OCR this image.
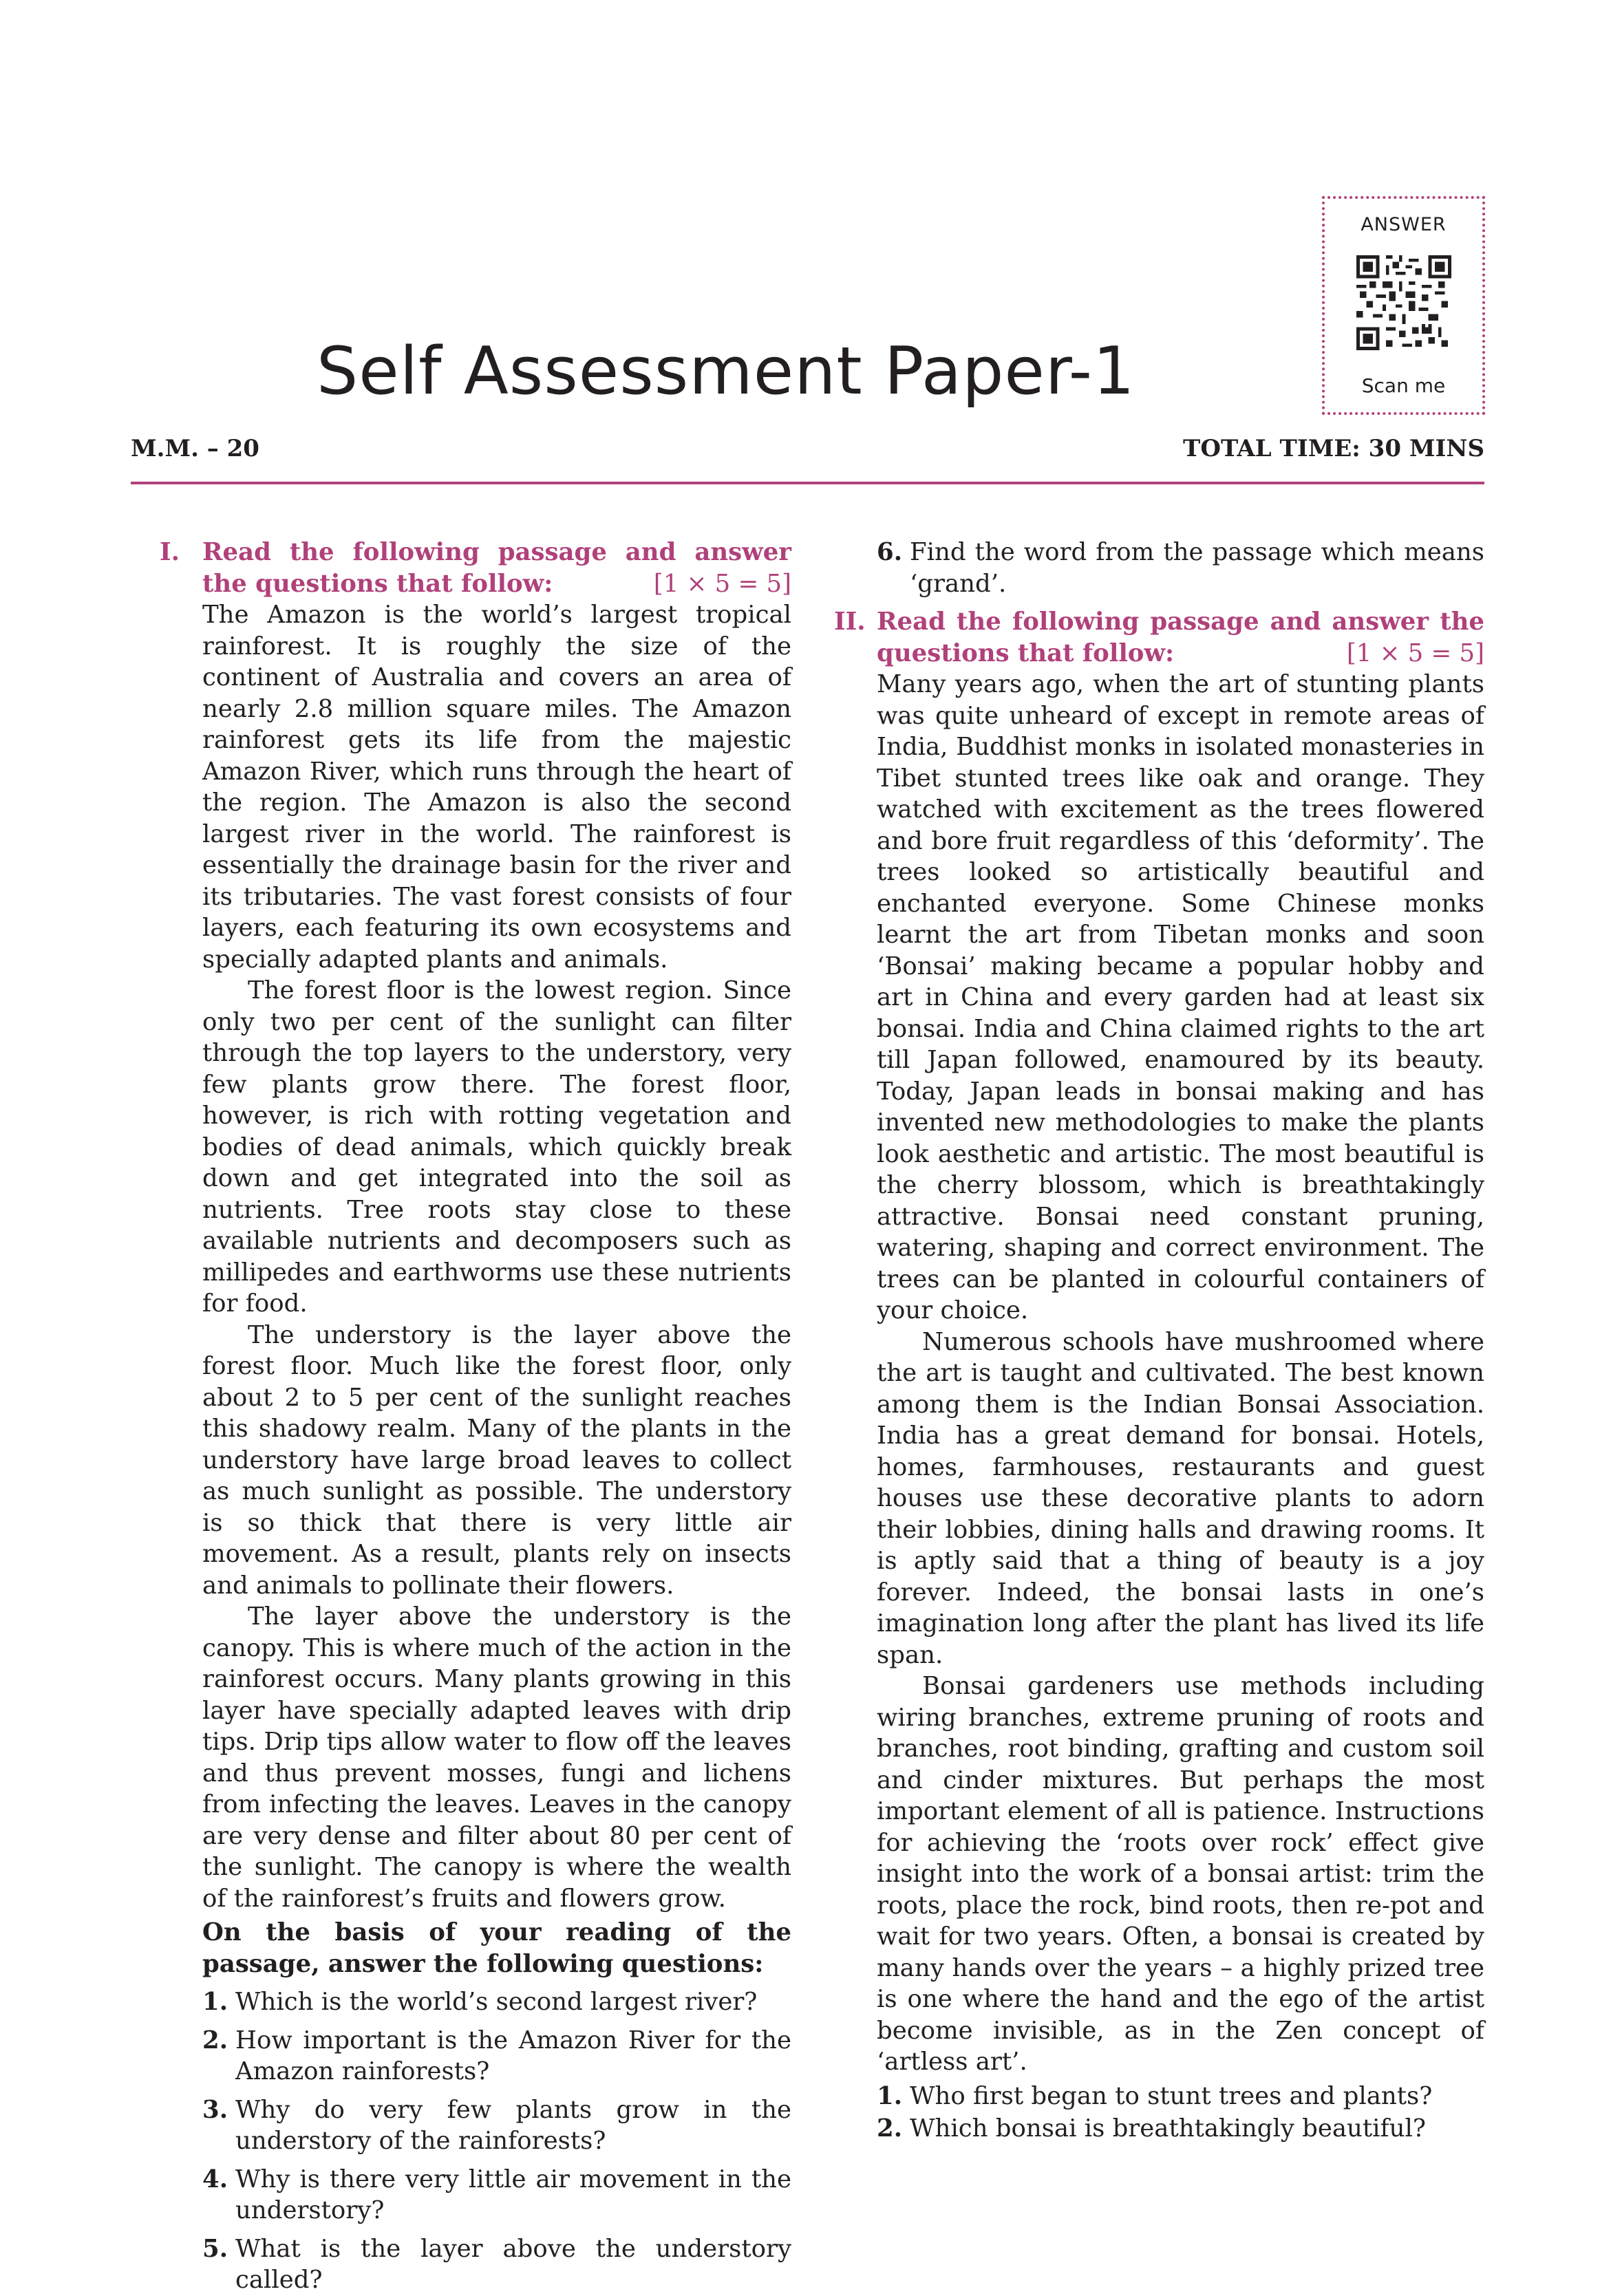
ANSWER
Scan me
Self Assessment Paper-1
M.M. – 20	TOTAL TIME: 30 MINS
I. Read the following passage and answer the questions that follow:	[1 × 5 = 5]

The Amazon is the world’s largest tropical rainforest. It is roughly the size of the continent of Australia and covers an area of nearly 2.8 million square miles. The Amazon rainforest gets its life from the majestic Amazon River, which runs through the heart of the region. The Amazon is also the second largest river in the world. The rainforest is essentially the drainage basin for the river and its tributaries. The vast forest consists of four layers, each featuring its own ecosystems and specially adapted plants and animals.

The forest floor is the lowest region. Since only two per cent of the sunlight can filter through the top layers to the understory, very few plants grow there. The forest floor, however, is rich with rotting vegetation and bodies of dead animals, which quickly break down and get integrated into the soil as nutrients. Tree roots stay close to these available nutrients and decomposers such as millipedes and earthworms use these nutrients for food.

The understory is the layer above the forest floor. Much like the forest floor, only about 2 to 5 per cent of the sunlight reaches this shadowy realm. Many of the plants in the understory have large broad leaves to collect as much sunlight as possible. The understory is so thick that there is very little air movement. As a result, plants rely on insects and animals to pollinate their flowers.

The layer above the understory is the canopy. This is where much of the action in the rainforest occurs. Many plants growing in this layer have specially adapted leaves with drip tips. Drip tips allow water to flow off the leaves and thus prevent mosses, fungi and lichens from infecting the leaves. Leaves in the canopy are very dense and filter about 80 per cent of the sunlight. The canopy is where the wealth of the rainforest’s fruits and flowers grow.

On the basis of your reading of the passage, answer the following questions:

1. Which is the world’s second largest river?
2. How important is the Amazon River for the Amazon rainforests?
3. Why do very few plants grow in the understory of the rainforests?
4. Why is there very little air movement in the understory?
5. What is the layer above the understory called?
6. Find the word from the passage which means ‘grand’.
II. Read the following passage and answer the questions that follow:	[1 × 5 = 5]

Many years ago, when the art of stunting plants was quite unheard of except in remote areas of India, Buddhist monks in isolated monasteries in Tibet stunted trees like oak and orange. They watched with excitement as the trees flowered and bore fruit regardless of this ‘deformity’. The trees looked so artistically beautiful and enchanted everyone. Some Chinese monks learnt the art from Tibetan monks and soon ‘Bonsai’ making became a popular hobby and art in China and every garden had at least six bonsai. India and China claimed rights to the art till Japan followed, enamoured by its beauty. Today, Japan leads in bonsai making and has invented new methodologies to make the plants look aesthetic and artistic. The most beautiful is the cherry blossom, which is breathtakingly attractive. Bonsai need constant pruning, watering, shaping and correct environment. The trees can be planted in colourful containers of your choice.

Numerous schools have mushroomed where the art is taught and cultivated. The best known among them is the Indian Bonsai Association. India has a great demand for bonsai. Hotels, homes, farmhouses, restaurants and guest houses use these decorative plants to adorn their lobbies, dining halls and drawing rooms. It is aptly said that a thing of beauty is a joy forever. Indeed, the bonsai lasts in one’s imagination long after the plant has lived its life span.

Bonsai gardeners use methods including wiring branches, extreme pruning of roots and branches, root binding, grafting and custom soil and cinder mixtures. But perhaps the most important element of all is patience. Instructions for achieving the ‘roots over rock’ effect give insight into the work of a bonsai artist: trim the roots, place the rock, bind roots, then re-pot and wait for two years. Often, a bonsai is created by many hands over the years – a highly prized tree is one where the hand and the ego of the artist become invisible, as in the Zen concept of ‘artless art’.

1. Who first began to stunt trees and plants?
2. Which bonsai is breathtakingly beautiful?
